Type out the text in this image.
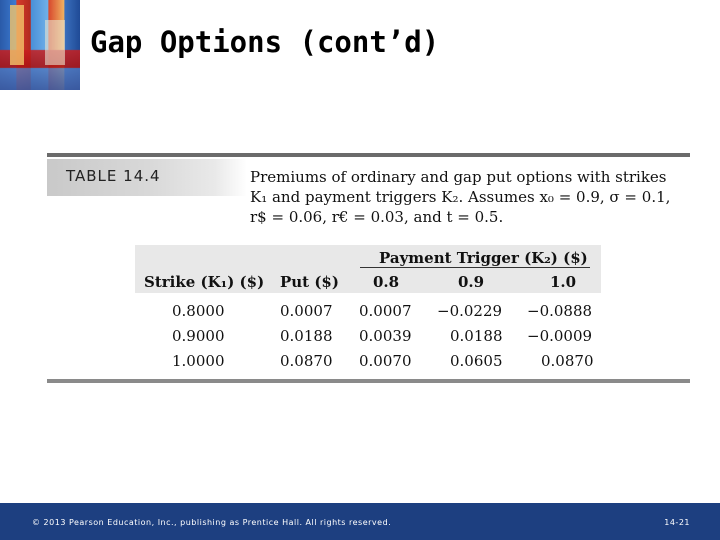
Gap Options (cont’d)
TABLE 14.4	Premiums of ordinary and gap put options with strikes
K₁ and payment triggers K₂. Assumes x₀ = 0.9, σ = 0.1,
r$ = 0.06, r€ = 0.03, and t = 0.5.
Payment Trigger (K₂) ($)
Strike (K₁) ($) Put ($) 0.8	0.9	1.0
0.8000	0.0007 0.0007 −0.0229 −0.0888
0.9000	0.0188 0.0039	0.0188 −0.0009
1.0000	0.0870 0.0070	0.0605	0.0870
© 2013 Pearson Education, Inc., publishing as Prentice Hall. All rights reserved.	14-21
